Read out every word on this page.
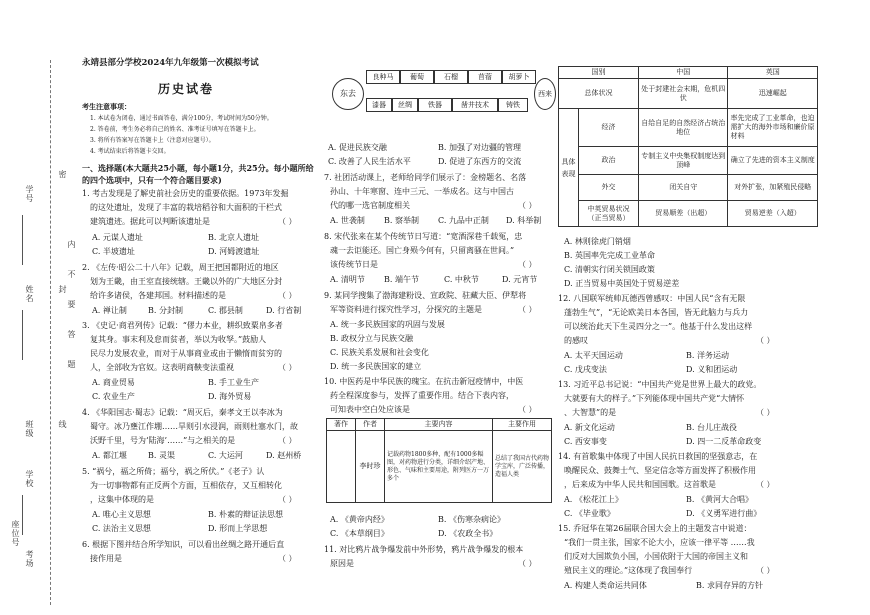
学号
姓名
班级
学校
考场
座位号
密
封
线
内
不
要
答
题
永靖县部分学校2024年九年级第一次模拟考试
历史试卷
考生注意事项：
1. 本试卷为闭卷，通过书面答卷，满分100分，考试时间为50分钟。
2. 答卷前，考生务必将自己的姓名、准考证号填写在答题卡上。
3. 将所有答案写在答题卡上（注意对应题号）。
4. 考试结束后将答题卡交回。
一、选择题(本大题共25小题，每小题1分，共25分。每小题所给的四个选项中，只有一个符合题目要求)
1. 考古发现是了解史前社会历史的重要依据。1973年发掘
的这处遗址，发现了丰富的栽培稻谷和大面积的干栏式
建筑遗迹。据此可以判断该遗址是	（ ）
A. 元谋人遗址	B. 北京人遗址
C. 半坡遗址	D. 河姆渡遗址
2. 《左传·昭公二十八年》记载，周王把国都附近的地区
划为王畿，由王室直接统辖。王畿以外的广大地区分封
给许多诸侯，各建邦国。材料描述的是	（ ）
A. 禅让制	B. 分封制	C. 郡县制	D. 行省制
3. 《史记·商君列传》记载：“僇力本业，耕织致粟帛多者
复其身。事末利及怠而贫者，举以为收孥。”鼓励人
民尽力发展农业，而对于从事商业或由于懒惰而贫穷的
人，全部收为官奴。这表明商鞅变法重视	（ ）
A. 商业贸易	B. 手工业生产
C. 农业生产	D. 海外贸易
4. 《华阳国志·蜀志》记载：“周灭后，秦孝文王以李冰为
蜀守。冰乃壅江作堋……旱则引水浸润，雨则杜塞水门，故
沃野千里，号为‘陆海’……”与之相关的是	（ ）
A. 都江堰	B. 灵渠	C. 大运河	D. 赵州桥
5. “祸兮，福之所倚；福兮，祸之所伏。”《老子》认
为一切事物都有正反两个方面，互相依存，又互相转化
，这集中体现的是	（ ）
A. 唯心主义思想	B. 朴素的辩证法思想
C. 法治主义思想	D. 形而上学思想
6. 根据下图并结合所学知识，可以看出丝绸之路开通后直
接作用是	（ ）
东去
良种马	葡萄	石榴	苜蓿	胡萝卜
漆器	丝绸	铁器	凿井技术	铸铁
西来
A. 促进民族交融	B. 加强了对边疆的管理
C. 改善了人民生活水平	D. 促进了东西方的交流
7. 社团活动课上，老师给同学们展示了：金榜题名、名落
孙山、十年寒窗、连中三元、一举成名。这与中国古
代的哪一选官制度相关	（ ）
A. 世袭制 B. 察举制 C. 九品中正制 D. 科举制
8. 宋代张来在某个传统节日写道：“宽酒深巷千载冤，忠
魂一去讵能还。国亡身殒今何有，只留离骚在世间。”
该传统节日是	（ ）
A. 清明节 B. 端午节	C. 中秋节	D. 元宵节
9. 某同学搜集了渤海建粉设、宣政院、驻藏大臣、伊犁将
军等资料进行探究性学习，分探究的主题是	（ ）
A. 统一多民族国家的巩固与发展
B. 政权分立与民族交融
C. 民族关系发展和社会变化
D. 统一多民族国家的建立
10. 中医药是中华民族的瑰宝。在抗击新冠疫情中，中医
药全程深度参与，发挥了重要作用。结合下表内容，
可知表中空白处应该是	（ ）
著作	作者	主要内容	主要作用
	李时珍	记载药物1800多种，配有1000多幅图，对药物进行分类，详细介绍产地、形色、气味和主要用途，附列医方一万多个	总结了我国古代药物学宝库，广泛传播，造福人类
A. 《黄帝内经》	B. 《伤寒杂病论》
C. 《本草纲目》	D. 《农政全书》
11. 对比鸦片战争爆发前中外形势，鸦片战争爆发的根本
原因是	（ ）
国别		中国	英国
总体状况		处于封建社会末期，危机四伏	迅速崛起
具体表现	经济	自给自足的自然经济占统治地位	率先完成了工业革命，也迫需扩大的海外市场和廉价原材料
	政治	专制主义中央集权制度达到顶峰	确立了先进的资本主义制度
	外交	闭关自守	对外扩张，加紧殖民侵略
	中英贸易状况（正当贸易）	贸易顺差（出超）	贸易逆差（入超）
A. 林则徐虎门销烟
B. 英国率先完成工业革命
C. 清朝实行闭关锁国政策
D. 正当贸易中英国处于贸易逆差
12. 八国联军统帅瓦德西曾感叹：中国人民“含有无限
蓬勃生气”，“无论欧美日本各国，皆无此脑力与兵力
可以统治此天下生灵四分之一”。他基于什么发出这样
的感叹	（ ）
A. 太平天国运动	B. 洋务运动
C. 戊戌变法	D. 义和团运动
13. 习近平总书记说：“中国共产党是世界上最大的政党。
大就要有大的样子。”下列能体现中国共产党“大情怀
、大智慧”的是	（ ）
A. 新文化运动	B. 台儿庄战役
C. 西安事变	D. 四一二反革命政变
14. 有首歌集中体现了中国人民抗日救国的坚强意志，在
唤醒民众、鼓舞士气、坚定信念等方面发挥了积极作用
，后来成为中华人民共和国国歌。这首歌是	（ ）
A. 《松花江上》	B. 《黄河大合唱》
C. 《毕业歌》	D. 《义勇军进行曲》
15. 乔冠华在第26届联合国大会上的主题发言中说道：
“我们一贯主张，国家不论大小，应该一律平等 ……我
们反对大国欺负小国，小国依附于大国的帝国主义和
殖民主义的理论。”这体现了我国奉行	（ ）
A. 构建人类命运共同体	B. 求同存异的方针
